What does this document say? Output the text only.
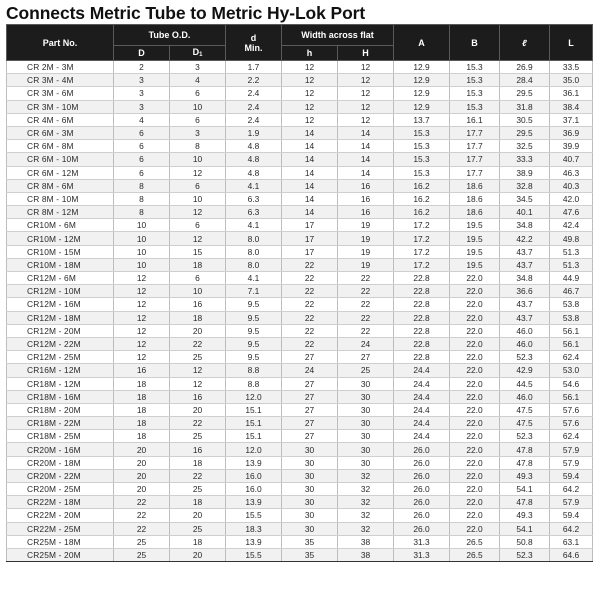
Connects Metric Tube to Metric Hy-Lok Port
Part No.	Tube O.D.		d
Min.	Width across flat		A	B	ℓ	L
	D	D1		h	H				
CR 2M - 3M	2	3	1.7	12	12	12.9	15.3	26.9	33.5
CR 3M - 4M	3	4	2.2	12	12	12.9	15.3	28.4	35.0
CR 3M - 6M	3	6	2.4	12	12	12.9	15.3	29.5	36.1
CR 3M - 10M	3	10	2.4	12	12	12.9	15.3	31.8	38.4
CR 4M - 6M	4	6	2.4	12	12	13.7	16.1	30.5	37.1
CR 6M - 3M	6	3	1.9	14	14	15.3	17.7	29.5	36.9
CR 6M - 8M	6	8	4.8	14	14	15.3	17.7	32.5	39.9
CR 6M - 10M	6	10	4.8	14	14	15.3	17.7	33.3	40.7
CR 6M - 12M	6	12	4.8	14	14	15.3	17.7	38.9	46.3
CR 8M - 6M	8	6	4.1	14	16	16.2	18.6	32.8	40.3
CR 8M - 10M	8	10	6.3	14	16	16.2	18.6	34.5	42.0
CR 8M - 12M	8	12	6.3	14	16	16.2	18.6	40.1	47.6
CR10M - 6M	10	6	4.1	17	19	17.2	19.5	34.8	42.4
CR10M - 12M	10	12	8.0	17	19	17.2	19.5	42.2	49.8
CR10M - 15M	10	15	8.0	17	19	17.2	19.5	43.7	51.3
CR10M - 18M	10	18	8.0	22	19	17.2	19.5	43.7	51.3
CR12M - 6M	12	6	4.1	22	22	22.8	22.0	34.8	44.9
CR12M - 10M	12	10	7.1	22	22	22.8	22.0	36.6	46.7
CR12M - 16M	12	16	9.5	22	22	22.8	22.0	43.7	53.8
CR12M - 18M	12	18	9.5	22	22	22.8	22.0	43.7	53.8
CR12M - 20M	12	20	9.5	22	22	22.8	22.0	46.0	56.1
CR12M - 22M	12	22	9.5	22	24	22.8	22.0	46.0	56.1
CR12M - 25M	12	25	9.5	27	27	22.8	22.0	52.3	62.4
CR16M - 12M	16	12	8.8	24	25	24.4	22.0	42.9	53.0
CR18M - 12M	18	12	8.8	27	30	24.4	22.0	44.5	54.6
CR18M - 16M	18	16	12.0	27	30	24.4	22.0	46.0	56.1
CR18M - 20M	18	20	15.1	27	30	24.4	22.0	47.5	57.6
CR18M - 22M	18	22	15.1	27	30	24.4	22.0	47.5	57.6
CR18M - 25M	18	25	15.1	27	30	24.4	22.0	52.3	62.4
CR20M - 16M	20	16	12.0	30	30	26.0	22.0	47.8	57.9
CR20M - 18M	20	18	13.9	30	30	26.0	22.0	47.8	57.9
CR20M - 22M	20	22	16.0	30	32	26.0	22.0	49.3	59.4
CR20M - 25M	20	25	16.0	30	32	26.0	22.0	54.1	64.2
CR22M - 18M	22	18	13.9	30	32	26.0	22.0	47.8	57.9
CR22M - 20M	22	20	15.5	30	32	26.0	22.0	49.3	59.4
CR22M - 25M	22	25	18.3	30	32	26.0	22.0	54.1	64.2
CR25M - 18M	25	18	13.9	35	38	31.3	26.5	50.8	63.1
CR25M - 20M	25	20	15.5	35	38	31.3	26.5	52.3	64.6
